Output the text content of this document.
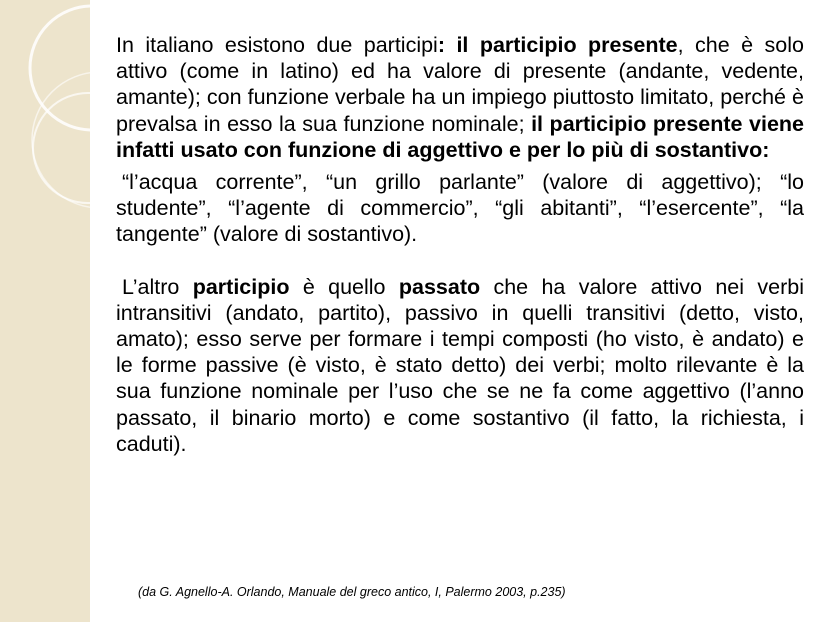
In italiano esistono due participi: il participio presente, che è solo attivo (come in latino) ed ha valore di presente (andante, vedente, amante); con funzione verbale ha un impiego piuttosto limitato, perché è prevalsa in esso la sua funzione nominale; il participio presente viene infatti usato con funzione di aggettivo e per lo più di sostantivo:

“l’acqua corrente”, “un grillo parlante” (valore di aggettivo); “lo studente”, “l’agente di commercio”, “gli abitanti”, “l’esercente”, “la tangente” (valore di sostantivo).

L’altro participio è quello passato che ha valore attivo nei verbi intransitivi (andato, partito), passivo in quelli transitivi (detto, visto, amato); esso serve per formare i tempi composti (ho visto, è andato) e le forme passive (è visto, è stato detto) dei verbi; molto rilevante è la sua funzione nominale per l’uso che se ne fa come aggettivo (l’anno passato, il binario morto) e come sostantivo (il fatto, la richiesta, i caduti).

(da G. Agnello-A. Orlando, Manuale del greco antico, I, Palermo 2003, p.235)
